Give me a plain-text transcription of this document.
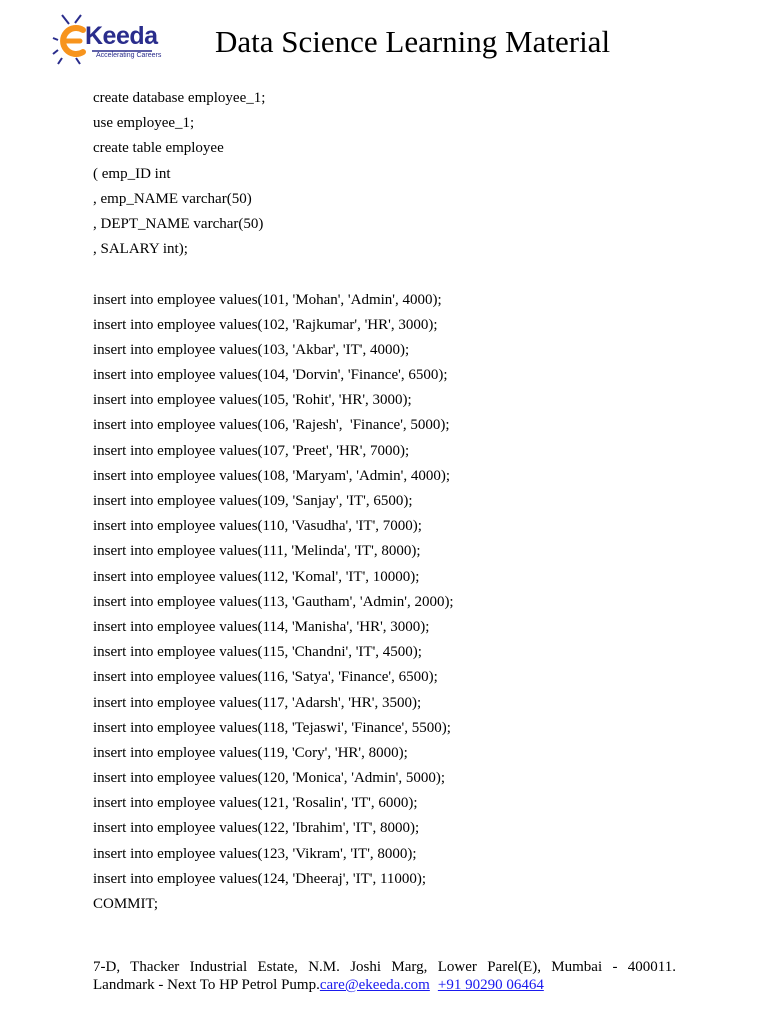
Keeda
Accelerating Careers Data Science Learning Material
create database employee_1;
use employee_1;
create table employee
( emp_ID int
, emp_NAME varchar(50)
, DEPT_NAME varchar(50)
, SALARY int);
insert into employee values(101, 'Mohan', 'Admin', 4000);
insert into employee values(102, 'Rajkumar', 'HR', 3000);
insert into employee values(103, 'Akbar', 'IT', 4000);
insert into employee values(104, 'Dorvin', 'Finance', 6500);
insert into employee values(105, 'Rohit', 'HR', 3000);
insert into employee values(106, 'Rajesh',  'Finance', 5000);
insert into employee values(107, 'Preet', 'HR', 7000);
insert into employee values(108, 'Maryam', 'Admin', 4000);
insert into employee values(109, 'Sanjay', 'IT', 6500);
insert into employee values(110, 'Vasudha', 'IT', 7000);
insert into employee values(111, 'Melinda', 'IT', 8000);
insert into employee values(112, 'Komal', 'IT', 10000);
insert into employee values(113, 'Gautham', 'Admin', 2000);
insert into employee values(114, 'Manisha', 'HR', 3000);
insert into employee values(115, 'Chandni', 'IT', 4500);
insert into employee values(116, 'Satya', 'Finance', 6500);
insert into employee values(117, 'Adarsh', 'HR', 3500);
insert into employee values(118, 'Tejaswi', 'Finance', 5500);
insert into employee values(119, 'Cory', 'HR', 8000);
insert into employee values(120, 'Monica', 'Admin', 5000);
insert into employee values(121, 'Rosalin', 'IT', 6000);
insert into employee values(122, 'Ibrahim', 'IT', 8000);
insert into employee values(123, 'Vikram', 'IT', 8000);
insert into employee values(124, 'Dheeraj', 'IT', 11000);
COMMIT;
7-D, Thacker Industrial Estate, N.M. Joshi Marg, Lower Parel(E), Mumbai - 400011.
Landmark - Next To HP Petrol Pump.care@ekeeda.com +91 90290 06464
